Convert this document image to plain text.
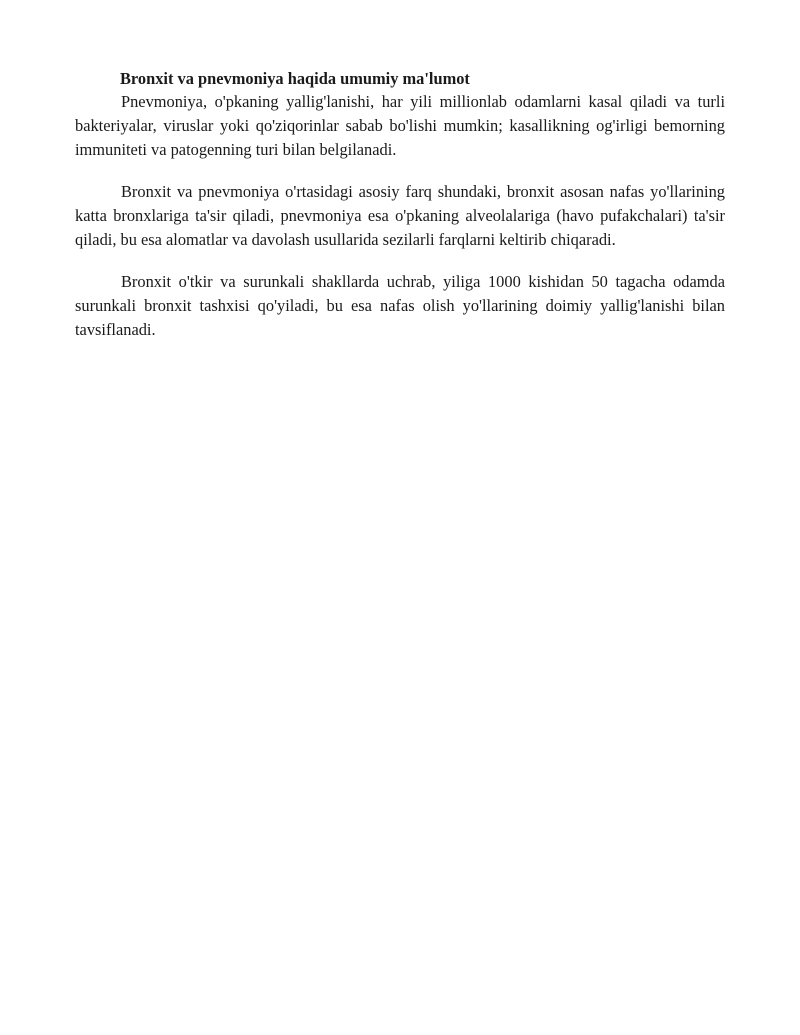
Bronxit va pnevmoniya haqida umumiy ma'lumot

Pnevmoniya, o'pkaning yallig'lanishi, har yili millionlab odamlarni kasal qiladi va turli bakteriyalar, viruslar yoki qo'ziqorinlar sabab bo'lishi mumkin; kasallikning og'irligi bemorning immuniteti va patogenning turi bilan belgilanadi.

Bronxit va pnevmoniya o'rtasidagi asosiy farq shundaki, bronxit asosan nafas yo'llarining katta bronxlariga ta'sir qiladi, pnevmoniya esa o'pkaning alveolalariga (havo pufakchalari) ta'sir qiladi, bu esa alomatlar va davolash usullarida sezilarli farqlarni keltirib chiqaradi.

Bronxit o'tkir va surunkali shakllarda uchrab, yiliga 1000 kishidan 50 tagacha odamda surunkali bronxit tashxisi qo'yiladi, bu esa nafas olish yo'llarining doimiy yallig'lanishi bilan tavsiflanadi.
